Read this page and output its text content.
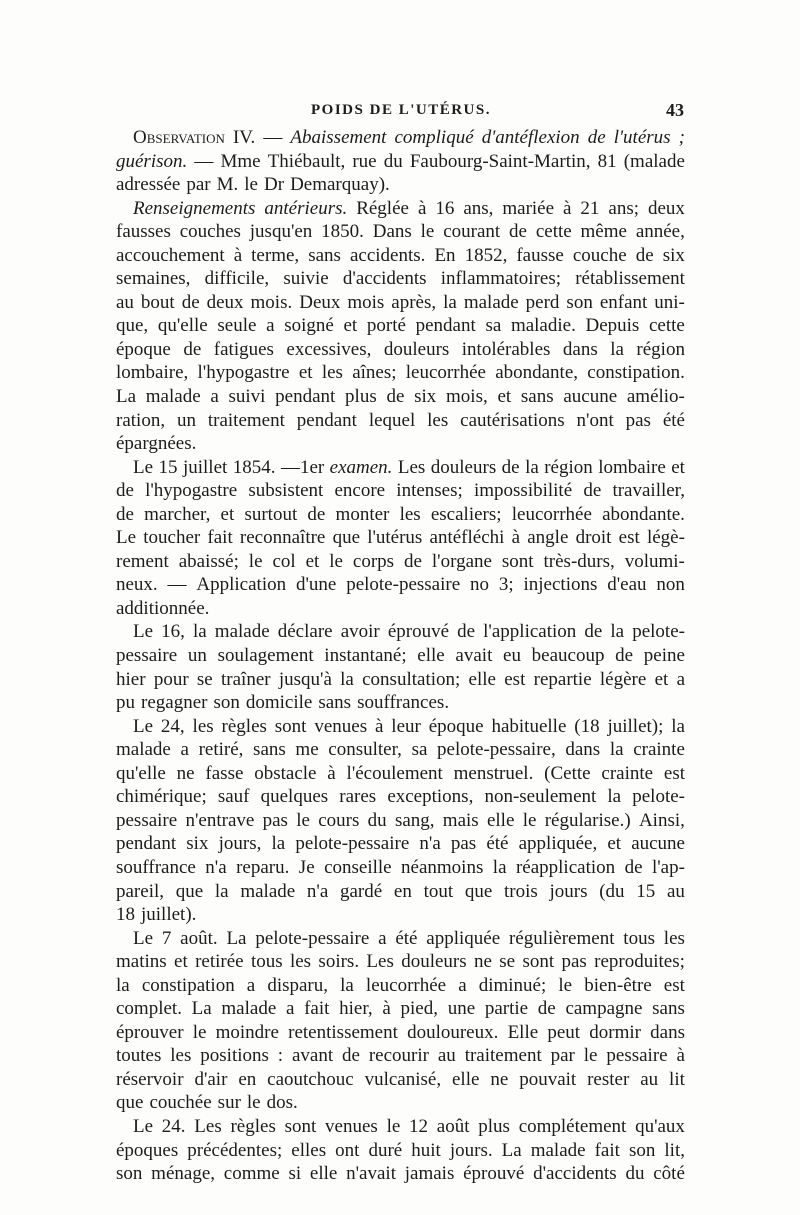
POIDS DE L'UTÉRUS.	43
Observation IV. — Abaissement compliqué d'antéflexion de l'utérus ;
guérison. — Mme Thiébault, rue du Faubourg-Saint-Martin, 81 (malade
adressée par M. le Dr Demarquay).
Renseignements antérieurs. Réglée à 16 ans, mariée à 21 ans; deux
fausses couches jusqu'en 1850. Dans le courant de cette même année,
accouchement à terme, sans accidents. En 1852, fausse couche de six
semaines, difficile, suivie d'accidents inflammatoires; rétablissement
au bout de deux mois. Deux mois après, la malade perd son enfant uni-
que, qu'elle seule a soigné et porté pendant sa maladie. Depuis cette
époque de fatigues excessives, douleurs intolérables dans la région
lombaire, l'hypogastre et les aînes; leucorrhée abondante, constipation.
La malade a suivi pendant plus de six mois, et sans aucune amélio-
ration, un traitement pendant lequel les cautérisations n'ont pas été
épargnées.
Le 15 juillet 1854. —1er examen. Les douleurs de la région lombaire et
de l'hypogastre subsistent encore intenses; impossibilité de travailler,
de marcher, et surtout de monter les escaliers; leucorrhée abondante.
Le toucher fait reconnaître que l'utérus antéfléchi à angle droit est légè-
rement abaissé; le col et le corps de l'organe sont très-durs, volumi-
neux. — Application d'une pelote-pessaire no 3; injections d'eau non
additionnée.
Le 16, la malade déclare avoir éprouvé de l'application de la pelote-
pessaire un soulagement instantané; elle avait eu beaucoup de peine
hier pour se traîner jusqu'à la consultation; elle est repartie légère et a
pu regagner son domicile sans souffrances.
Le 24, les règles sont venues à leur époque habituelle (18 juillet); la
malade a retiré, sans me consulter, sa pelote-pessaire, dans la crainte
qu'elle ne fasse obstacle à l'écoulement menstruel. (Cette crainte est
chimérique; sauf quelques rares exceptions, non-seulement la pelote-
pessaire n'entrave pas le cours du sang, mais elle le régularise.) Ainsi,
pendant six jours, la pelote-pessaire n'a pas été appliquée, et aucune
souffrance n'a reparu. Je conseille néanmoins la réapplication de l'ap-
pareil, que la malade n'a gardé en tout que trois jours (du 15 au
18 juillet).
Le 7 août. La pelote-pessaire a été appliquée régulièrement tous les
matins et retirée tous les soirs. Les douleurs ne se sont pas reproduites;
la constipation a disparu, la leucorrhée a diminué; le bien-être est
complet. La malade a fait hier, à pied, une partie de campagne sans
éprouver le moindre retentissement douloureux. Elle peut dormir dans
toutes les positions : avant de recourir au traitement par le pessaire à
réservoir d'air en caoutchouc vulcanisé, elle ne pouvait rester au lit
que couchée sur le dos.
Le 24. Les règles sont venues le 12 août plus complétement qu'aux
époques précédentes; elles ont duré huit jours. La malade fait son lit,
son ménage, comme si elle n'avait jamais éprouvé d'accidents du côté
